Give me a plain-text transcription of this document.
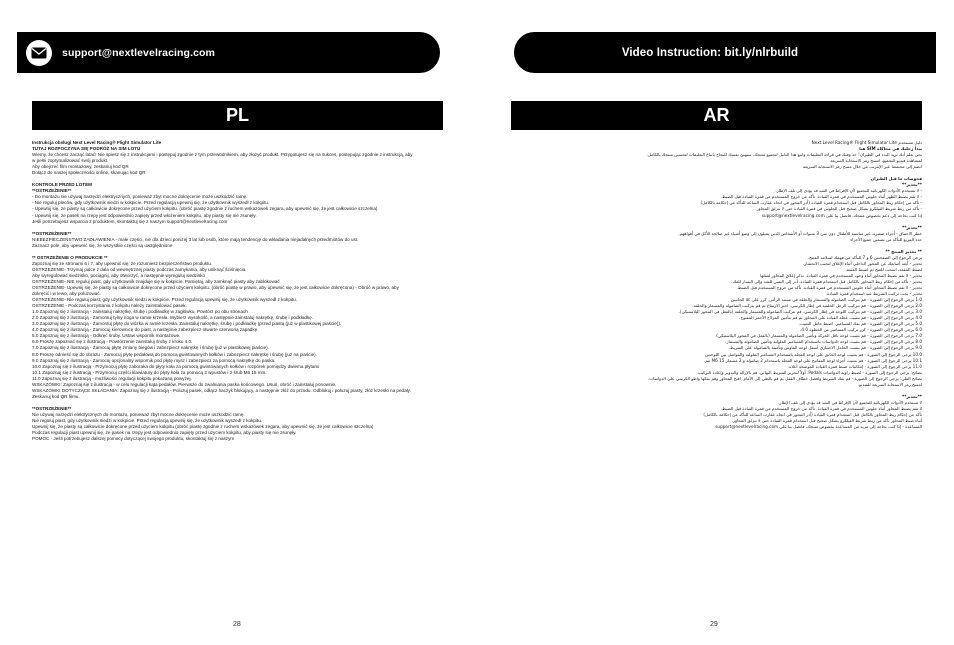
support@nextlevelracing.com	Video Instruction: bit.ly/nlrbuild
PL	AR

Instrukcja obsługi Next Level Racing® Flight Simulator Lite

TUTAJ ROZPOCZYNA SIĘ PODRÓŻ NA SIM LOTU

Wiemy, że chcesz zacząć latać! Nie spiesz się z instrukcjami i postępuj zgodnie z tym przewodnikiem, aby złożyć produkt. Przygotujesz się na sukces, postępując zgodnie z instrukcją, aby

w pełni zoptymalizować swój produkt.

Aby obejrzeć film montażowy, zeskanuj kod QR

Dołącz do naszej społeczności online, skanując kod QR

KONTROLE PRZED LOTEM

**OSTRZEŻENIE**

- Do montażu nie używaj narzędzi elektrycznych, ponieważ zbyt mocne dokręcenie może uszkodzić ramę.

- Nie reguluj pleców, gdy użytkownik siedzi w kokpicie. Przed regulacją upewnij się, że użytkownik wyszedł z kokpitu.

- Upewnij się, że piasty są całkowicie dokręcone przed użyciem kokpitu. (obróć piastę zgodnie z ruchem wskazówek zegara, aby upewnić się, że jest całkowicie szczelna)

- Upewnij się, że pasek na rzepy jest odpowiednio zapięty przed włożeniem kokpitu, aby piasty się nie zsunęły.

Jeśli potrzebujesz wsparcia z produktem, skontaktuj się z naszym support@nextlevelracing.com

**OSTRZEŻENIE**

NIEBEZPIECZEŃSTWO ZADŁAWIENIA - małe części, nie dla dzieci poniżej 3 lat lub osób, które mają tendencję do wkładania niejadalnych przedmiotów do ust.

Zaznacz pole, aby upewnić się, że wszystkie części są uwzględnione

** OSTRZEŻENIE O PRODUKCIE **

Zapoznaj się ze stronami 6 i 7, aby upewnić się, że rozumiesz bezpieczeństwo produktu.

OSTRZEŻENIE- Trzymaj palce z dala od wewnętrznej piasty podczas zamykania, aby uniknąć ściśnięcia.

Aby wyregulować siedzisko, pociągnij, aby otworzyć, a następnie wyreguluj siedzisko

OSTRZEŻENIE- NIE reguluj piast, gdy użytkownik znajduje się w kokpicie. Pamiętaj, aby zamknąć piasty aby zablokować

OSTRZEŻENIE- Upewnij się, że piasty są całkowicie dokręcone przed użyciem kokpitu. (obróć piastę w prawo, aby upewnić się, że jest całkowicie dokręcona) - Obróć w prawo, aby

dokręcić i w lewo, aby poluzować.

OSTRZEŻENIE- Nie reguluj piast, gdy użytkownik siedzi w kokpicie. Przed regulacją upewnij się, że użytkownik wyszedł z kokpitu.

OSTRZEŻENIE - Podczas korzystania z kokpitu należy zainstalować pasek.

1.0 Zapoznaj się z ilustracją - zainstaluj nakrętkę, śrubę i podkładkę w zagłówku. Powtórz po obu stronach

2.0 Zapoznaj się z ilustracją - Zamontuj tylny noga w ramie krzesła. Wybierz wysokość, a następnie zainstaluj nakrętkę, śrubę i podkładkę.

3.0 Zapoznaj się z ilustracją - Zamontuj płytę do wózka w ramie krzesła. Zainstaluj nakrętkę, śrubę i podkładkę (przed piastą (już w plastikowej piaście)).

4.0 Zapoznaj się z ilustracją - Zamocuj kierownicę do piast, a następnie zabezpiecz otwarte czerwoną zapadkę.

5.0 Zapoznaj się z ilustracją - Odkręć śruby. Ustaw wspornik montażowe.

6.0 Proszę zapoznać się z ilustracją - Powtórzenie zainstaluj śruby z kroku 4.0.

7.0 Zapoznaj się z ilustracją - Zamocuj płytę zmiany biegów i zabezpiecz nakrętkę i śrubę (już w plastikowej piaście).

8.0 Proszę odnieść się do obrazu - Zamocuj płytę pedałową do pomocą gwintowanych kołków i zabezpiecz nakrętkę i śrubę (już na piaście).

9.0 Zapoznaj się z ilustracją - Zamocuj opcjonalny wspornik pod płytę mysz i zabezpiecz za pomocą nakrętkę do paska.

10.0 Zapoznaj się z ilustracją - Przymocuj płytę zaboraka do płyty koła za pomocą gwintowanych kołków i rozpórek pomiędzy dwiema płytami

10.1 Zapoznaj się z ilustracją - Przymocuj części klawiatury do płyty koła za pomocą 2 wpustów i 2 śrub M6 15 mm.

11.0 Zapoznaj się z ilustracją - możliwości regulacji kokpitu pokazaną powyżej.

WSKAZÓWKI: Zapoznaj się z ilustracją - w celu regulacji kąta pedałów. Pierwsze do zwalniania paska końcowego. Usuń, obróć i zainstaluj ponownie.

WSKAZÓWKI DOTYCZĄCE SKŁADANIA: Zapoznaj się z ilustracją - Poluzuj pasek, odłącz haczyk blokujący, a następnie złóż do przodu. Odblokuj i poluzuj piasty, złóż krzesło na pedały.

Zeskanuj kod QR filmu.

**OSTRZEŻENIE**

Nie używaj narzędzi elektrycznych do montażu, ponieważ zbyt mocne dokręcenie może uszkodzić ramę.

Nie reguluj piast, gdy użytkownik siedzi w kokpicie. Przed regulacją upewnij się, że użytkownik wyszedł z kokpitu.

Upewnij się, że piasty są całkowicie dokręcone przed użyciem kokpitu (obróć piastę zgodnie z ruchem wskazówek zegara, aby upewnić się, że jest całkowicie szczelna)

Podczas regulacji piast upewnij się, że pasek na rzepy jest odpowiednio zapięty przed użyciem kokpitu, aby piasty się nie zsunęły.

POMOC - Jeśli potrzebujesz dalszej pomocy dotyczącej swojego produktu, skontaktuj się z naszym

دليل مستخدم Next Level Racing® Flight Simulator Lite

تبدأ رحلتك في محاكاة SIM هنا

نحن نعلم أنك تريد البدء في الطيران! خذ وقتك في قراءة التعليمات واتبع هذا الدليل لتجميع منتجك. ستهيئ نفسك للنجاح باتباع التعليمات لتحسين منتجك بالكامل.

لمشاهدة فيديو التجميع، امسح رمز الاستجابة السريعة

انضم إلى مجتمعنا عبر الإنترنت من خلال مسح رمز الاستجابة السريعة

فحوصات ما قبل الطيران

**تحذير**

- لا تستخدم الأدوات الكهربائية للتجميع لأن الإفراط في الشد قد يؤدي إلى تلف الإطار.

- لا تقم بضبط الظهر أثناء جلوس المستخدم في قمرة القيادة. تأكد من خروج المستخدم من قمرة القيادة قبل الضبط.

- تأكد من إحكام ربط المحاور بالكامل قبل استخدام قمرة القيادة (أدر المحور في اتجاه عقارب الساعة للتأكد من إحكامه بالكامل)

- تأكد من ربط شريط الفيلكرو بشكل صحيح قبل الجلوس في قمرة القيادة حتى لا تنزلق المحاور.

إذا كنت بحاجة إلى دعم بخصوص منتجك، فاتصل بنا على support@nextlevelracing.com

**تحذير**

خطر الاختناق - أجزاء صغيرة، غير مناسبة للأطفال دون سن 3 سنوات أو الأشخاص الذين يميلون إلى وضع أشياء غير صالحة للأكل في أفواههم.

حدد المربع للتأكد من تضمين جميع الأجزاء

** تحذير المنتج **

يرجى الرجوع إلى الصفحتين 6 و 7 للتأكد من فهمك لسلامة المنتج.

تحذير - أبعد أصابعك عن المحور الداخلي أثناء الإغلاق لتجنب الانحشار.

لضبط المقعد، اسحب للفتح ثم اضبط المقعد

تحذير - لا تقم بضبط المحاور أثناء وجود المستخدم في قمرة القيادة. تذكر إغلاق المحاور لقفلها

تحذير - تأكد من إحكام ربط المحاور بالكامل قبل استخدام قمرة القيادة. أدر إلى اليمين للشد وإلى اليسار للفك.

تحذير - لا تقم بضبط المحاور أثناء جلوس المستخدم في قمرة القيادة. تأكد من خروج المستخدم قبل الضبط.

تحذير - يجب تركيب الشريط عند استخدام قمرة القيادة.

1.0 يرجى الرجوع إلى الصورة - قم بتركيب الصامولة والمسمار والحلقة في مسند الرأس. كرر على كلا الجانبين

2.0 يرجى الرجوع إلى الصورة - قم بتركيب الرجل الخلفية في إطار الكرسي. اختر الارتفاع ثم قم بتركيب الصامولة والمسمار والحلقة.

3.0 يرجى الرجوع إلى الصورة - قم بتركيب اللوحة في إطار الكرسي. قم بتركيب الصامولة والمسمار والحلقة (بالفعل في المحور البلاستيكي).

4.0 يرجى الرجوع إلى الصورة - قم بتثبيت عجلة القيادة على المحاور ثم قم بتأمين المزلاج الأحمر المفتوح.

5.0 يرجى الرجوع إلى الصورة - قم بفك المسامير. اضبط حامل التثبيت.

6.0 يرجى الرجوع إلى الصورة - كرر تركيب المسامير من الخطوة 4.0.

7.0 يرجى الرجوع إلى الصورة - قم بتثبيت لوحة ناقل الحركة وتأمين الصامولة والمسمار (بالفعل في المحور البلاستيكي).

8.0 يرجى الرجوع إلى الصورة - قم بتثبيت لوحة الدواسات باستخدام المسامير الملولبة وتأمين الصامولة والمسمار.

9.0 يرجى الرجوع إلى الصورة - قم بتثبيت الحامل الاختياري أسفل لوحة الماوس وتأمينه بالصامولة على الشريط.

10.0 يرجى الرجوع إلى الصورة - قم بتثبيت لوحة الخانق على لوحة العجلة باستخدام المسامير الملولبة والفواصل بين اللوحتين

10.1 يرجى الرجوع إلى الصورة - قم بتثبيت أجزاء لوحة المفاتيح على لوحة العجلة باستخدام 2 صامولة و 2 مسمار M6 15 مم.

11.0 يرجى الرجوع إلى الصورة - إمكانيات ضبط قمرة القيادة الموضحة أعلاه.

نصائح: يرجى الرجوع إلى الصورة - لضبط زاوية الدواسات Pedals. أولاً لتحرير الشريط النهائي. قم بالإزالة والتدوير وإعادة التركيب.

نصائح الطي: يرجى الرجوع إلى الصورة - قم بفك الشريط وافصل خطاف القفل ثم قم بالطي إلى الأمام. افتح المحاور وقم بفكها واطو الكرسي على الدواسات.

امسح رمز الاستجابة السريعة للفيديو.

**تحذير**

لا تستخدم الأدوات الكهربائية للتجميع لأن الإفراط في الشد قد يؤدي إلى تلف الإطار.

لا تقم بضبط المحاور أثناء جلوس المستخدم في قمرة القيادة. تأكد من خروج المستخدم من قمرة القيادة قبل الضبط.

تأكد من إحكام ربط المحاور بالكامل قبل استخدام قمرة القيادة (أدر المحور في اتجاه عقارب الساعة للتأكد من إحكامه بالكامل)

أثناء ضبط المحاور تأكد من ربط شريط الفيلكرو بشكل صحيح قبل استخدام قمرة القيادة حتى لا تنزلق المحاور.

المساعدة - إذا كنت بحاجة إلى مزيد من المساعدة بخصوص منتجك، فاتصل بنا على support@nextlevelracing.com

28	29
